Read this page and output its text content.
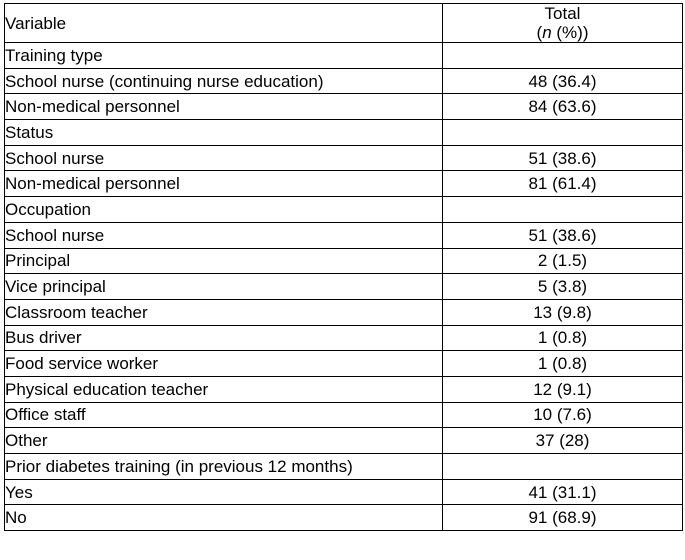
Variable	Total
(n (%))

Training type	
School nurse (continuing nurse education)	48 (36.4)
Non-medical personnel	84 (63.6)
Status	
School nurse	51 (38.6)
Non-medical personnel	81 (61.4)
Occupation	
School nurse	51 (38.6)
Principal	2 (1.5)
Vice principal	5 (3.8)
Classroom teacher	13 (9.8)
Bus driver	1 (0.8)
Food service worker	1 (0.8)
Physical education teacher	12 (9.1)
Office staff	10 (7.6)
Other	37 (28)
Prior diabetes training (in previous 12 months)	
Yes	41 (31.1)
No	91 (68.9)
